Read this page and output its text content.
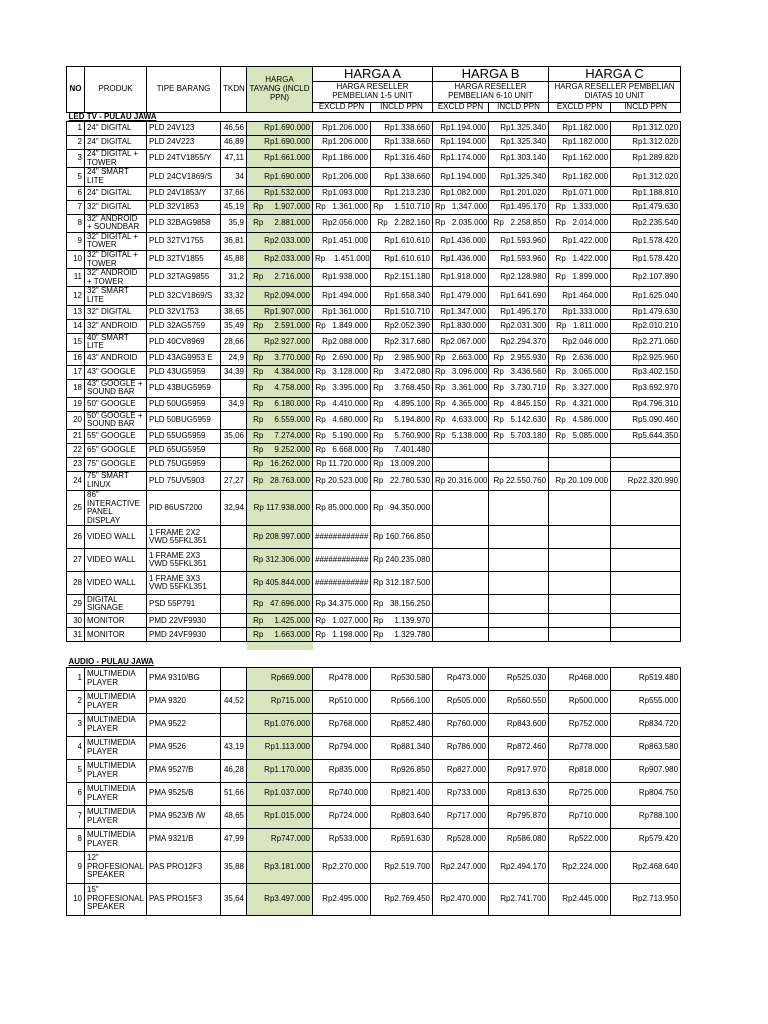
NO	PRODUK	TIPE BARANG	TKDN	HARGA TAYANG (INCLD PPN)	HARGA A		HARGA B		HARGA C	
					HARGA RESELLER PEMBELIAN 1-5 UNIT		HARGA RESELLER PEMBELIAN 6-10 UNIT		HARGA RESELLER PEMBELIAN DIATAS 10 UNIT	
					EXCLD PPN	INCLD PPN	EXCLD PPN	INCLD PPN	EXCLD PPN	INCLD PPN
LED TV - PULAU JAWA										
1	24" DIGITAL	PLD 24V123	46,56	Rp1.690.000	Rp1.206.000	Rp1.338.660	Rp1.194.000	Rp1.325.340	Rp1.182.000	Rp1.312.020
2	24" DIGITAL	PLD 24V223	46,89	Rp1.690.000	Rp1.206.000	Rp1.338.660	Rp1.194.000	Rp1.325.340	Rp1.182.000	Rp1.312.020
3	24" DIGITAL + TOWER	PLD 24TV1855/Y	47,11	Rp1.661.000	Rp1.186.000	Rp1.316.460	Rp1.174.000	Rp1.303.140	Rp1.162.000	Rp1.289.820
5	24" SMART LITE	PLD 24CV1869/S	34	Rp1.690.000	Rp1.206.000	Rp1.338.660	Rp1.194.000	Rp1.325.340	Rp1.182.000	Rp1.312.020
6	24" DIGITAL	PLD 24V1853/Y	37,66	Rp1.532.000	Rp1.093.000	Rp1.213.230	Rp1.082.000	Rp1.201.020	Rp1.071.000	Rp1.188.810
7	32" DIGITAL	PLD 32V1853	45,19	Rp     1.907.000	Rp   1.361.000	Rp     1.510.710	Rp   1.347.000	Rp1.495.170	Rp   1.333.000	Rp1.479.630
8	32" ANDROID + SOUNDBAR	PLD 32BAG9858	35,9	Rp     2.881.000	Rp2.056.000	Rp   2.282.160	Rp   2.035.000	Rp   2.258.850	Rp   2.014.000	Rp2.235.540
9	32" DIGITAL + TOWER	PLD 32TV1755	36,81	Rp2.033.000	Rp1.451.000	Rp1.610.610	Rp1.436.000	Rp1.593.960	Rp1.422.000	Rp1.578.420
10	32" DIGITAL + TOWER	PLD 32TV1855	45,88	Rp2.033.000	Rp    1.451.000	Rp1.610.610	Rp1.436.000	Rp1.593.960	Rp   1.422.000	Rp1.578.420
11	32" ANDROID + TOWER	PLD 32TAG9855	31,2	Rp     2.716.000	Rp1.938.000	Rp2.151.180	Rp1.918.000	Rp2.128.980	Rp   1.899.000	Rp2.107.890
12	32" SMART LITE	PLD 32CV1869/S	33,32	Rp2.094.000	Rp1.494.000	Rp1.658.340	Rp1.479.000	Rp1.641.690	Rp1.464.000	Rp1.625.040
13	32" DIGITAL	PLD 32V1753	38,65	Rp1.907.000	Rp1.361.000	Rp1.510.710	Rp1.347.000	Rp1.495.170	Rp1.333.000	Rp1.479.630
14	32" ANDROID	PLD 32AG5759	35,49	Rp     2.591.000	Rp   1.849.000	Rp2.052.390	Rp1.830.000	Rp2.031.300	Rp   1.811.000	Rp2.010.210
15	40" SMART LITE	PLD 40CV8969	28,66	Rp2.927.000	Rp2.088.000	Rp2.317.680	Rp2.067.000	Rp2.294.370	Rp2.046.000	Rp2.271.060
16	43" ANDROID	PLD 43AG9953 E	24,9	Rp     3.770.000	Rp   2.690.000	Rp     2.985.900	Rp   2.663.000	Rp   2.955.930	Rp   2.636.000	Rp2.925.960
17	43" GOOGLE	PLD 43UG5959	34,39	Rp     4.384.000	Rp   3.128.000	Rp     3.472.080	Rp   3.096.000	Rp   3.436.560	Rp   3.065.000	Rp3.402.150
18	43" GOOGLE + SOUND BAR	PLD 43BUG5959		Rp     4.758.000	Rp   3.395.000	Rp     3.768.450	Rp   3.361.000	Rp   3.730.710	Rp   3.327.000	Rp3.692.970
19	50" GOOGLE	PLD 50UG5959	34,9	Rp     6.180.000	Rp   4.410.000	Rp     4.895.100	Rp   4.365.000	Rp   4.845.150	Rp   4.321.000	Rp4.796.310
20	50" GOOGLE + SOUND BAR	PLD 50BUG5959		Rp     6.559.000	Rp   4.680.000	Rp     5.194.800	Rp   4.633.000	Rp   5.142.630	Rp   4.586.000	Rp5.090.460
21	55" GOOGLE	PLD 55UG5959	35,06	Rp     7.274.000	Rp   5.190.000	Rp     5.760.900	Rp   5.138.000	Rp   5.703.180	Rp   5.085.000	Rp5.644.350
22	65" GOOGLE	PLD 65UG5959		Rp     9.252.000	Rp   6.668.000	Rp     7.401.480				
23	75" GOOGLE	PLD 75UG5959		Rp   16.262.000	Rp 11.720.000	Rp   13.009.200				
24	75" SMART LINUX	PLD 75UV5903	27,27	Rp   28.763.000	Rp 20.523.000	Rp   22.780.530	Rp 20.316.000	Rp 22.550.760	Rp 20.109.000	Rp22.320.990
25	86" INTERACTIVE PANEL DISPLAY	PID 86US7200	32,94	Rp 117.938.000	Rp 85.000.000	Rp   94.350.000				
26	VIDEO WALL	1 FRAME 2X2 VWD 55FKL351		Rp 208.997.000	############	Rp 160.766.850				
27	VIDEO WALL	1 FRAME 2X3 VWD 55FKL351		Rp 312.306.000	############	Rp 240.235.080				
28	VIDEO WALL	1 FRAME 3X3 VWD 55FKL351		Rp 405.844.000	############	Rp 312.187.500				
29	DIGITAL SIGNAGE	PSD 55P791		Rp   47.696.000	Rp 34.375.000	Rp   38.156.250				
30	MONITOR	PMD 22VF9930		Rp     1.425.000	Rp   1.027.000	Rp     1.139.970				
31	MONITOR	PMD 24VF9930		Rp     1.663.000	Rp   1.198.000	Rp     1.329.780				

AUDIO - PULAU JAWA										
1	MULTIMEDIA PLAYER	PMA 9310/BG		Rp669.000	Rp478.000	Rp530.580	Rp473.000	Rp525.030	Rp468.000	Rp519.480
2	MULTIMEDIA PLAYER	PMA 9320	44,52	Rp715.000	Rp510.000	Rp566.100	Rp505.000	Rp560.550	Rp500.000	Rp555.000
3	MULTIMEDIA PLAYER	PMA 9522		Rp1.076.000	Rp768.000	Rp852.480	Rp760.000	Rp843.600	Rp752.000	Rp834.720
4	MULTIMEDIA PLAYER	PMA 9526	43,19	Rp1.113.000	Rp794.000	Rp881.340	Rp786.000	Rp872.460	Rp778.000	Rp863.580
5	MULTIMEDIA PLAYER	PMA 9527/B	46,28	Rp1.170.000	Rp835.000	Rp926.850	Rp827.000	Rp917.970	Rp818.000	Rp907.980
6	MULTIMEDIA PLAYER	PMA 9525/B	51,66	Rp1.037.000	Rp740.000	Rp821.400	Rp733.000	Rp813.630	Rp725.000	Rp804.750
7	MULTIMEDIA PLAYER	PMA 9523/B /W	48,65	Rp1.015.000	Rp724.000	Rp803.640	Rp717.000	Rp795.870	Rp710.000	Rp788.100
8	MULTIMEDIA PLAYER	PMA 9321/B	47,99	Rp747.000	Rp533.000	Rp591.630	Rp528.000	Rp586.080	Rp522.000	Rp579.420
9	12" PROFESIONAL SPEAKER	PAS PRO12F3	35,88	Rp3.181.000	Rp2.270.000	Rp2.519.700	Rp2.247.000	Rp2.494.170	Rp2.224.000	Rp2.468.640
10	15" PROFESIONAL SPEAKER	PAS PRO15F3	35,64	Rp3.497.000	Rp2.495.000	Rp2.769.450	Rp2.470.000	Rp2.741.700	Rp2.445.000	Rp2.713.950
